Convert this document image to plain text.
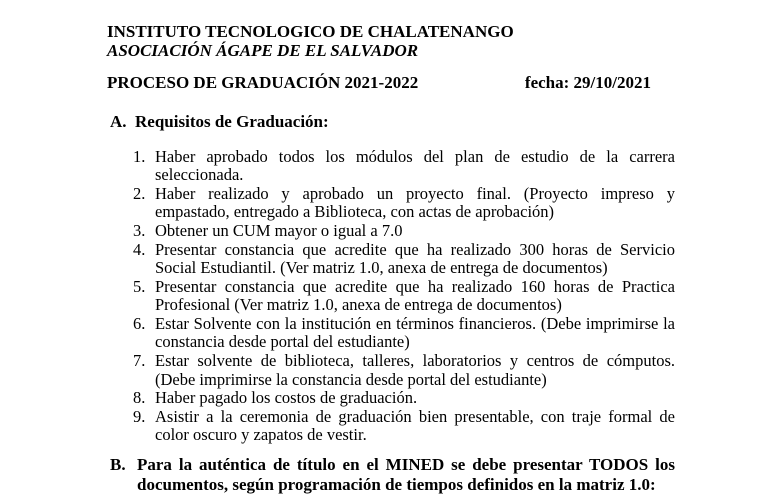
INSTITUTO TECNOLOGICO DE CHALATENANGO
ASOCIACIÓN ÁGAPE DE EL SALVADOR
PROCESO DE GRADUACIÓN 2021-2022	fecha: 29/10/2021
A.  Requisitos de Graduación:
1. Haber aprobado todos los módulos del plan de estudio de la carrera seleccionada.
2. Haber realizado y aprobado un proyecto final. (Proyecto impreso y empastado, entregado a Biblioteca, con actas de aprobación)
3. Obtener un CUM mayor o igual a 7.0
4. Presentar constancia que acredite que ha realizado 300 horas de Servicio Social Estudiantil. (Ver matriz 1.0, anexa de entrega de documentos)
5. Presentar constancia que acredite que ha realizado 160 horas de Practica Profesional (Ver matriz 1.0, anexa de entrega de documentos)
6. Estar Solvente con la institución en términos financieros. (Debe imprimirse la constancia desde portal del estudiante)
7. Estar solvente de biblioteca, talleres, laboratorios y centros de cómputos. (Debe imprimirse la constancia desde portal del estudiante)
8. Haber pagado los costos de graduación.
9. Asistir a la ceremonia de graduación bien presentable, con traje formal de color oscuro y zapatos de vestir.
B. Para la auténtica de título en el MINED se debe presentar TODOS los documentos, según programación de tiempos definidos en la matriz 1.0:
